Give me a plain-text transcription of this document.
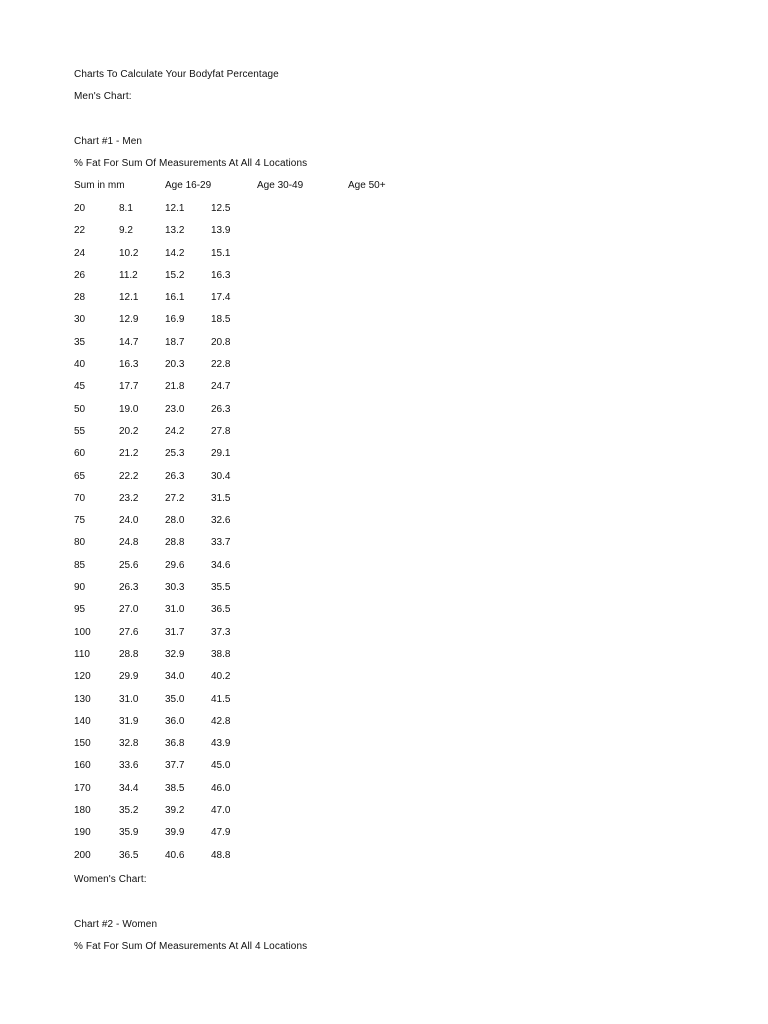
Charts To Calculate Your Bodyfat Percentage
Men's Chart:
Chart #1 - Men
% Fat For Sum Of Measurements At All 4 Locations
Sum in mm	Age 16-29	Age 30-49	Age 50+
20	8.1	12.1	12.5
22	9.2	13.2	13.9
24	10.2	14.2	15.1
26	11.2	15.2	16.3
28	12.1	16.1	17.4
30	12.9	16.9	18.5
35	14.7	18.7	20.8
40	16.3	20.3	22.8
45	17.7	21.8	24.7
50	19.0	23.0	26.3
55	20.2	24.2	27.8
60	21.2	25.3	29.1
65	22.2	26.3	30.4
70	23.2	27.2	31.5
75	24.0	28.0	32.6
80	24.8	28.8	33.7
85	25.6	29.6	34.6
90	26.3	30.3	35.5
95	27.0	31.0	36.5
100	27.6	31.7	37.3
110	28.8	32.9	38.8
120	29.9	34.0	40.2
130	31.0	35.0	41.5
140	31.9	36.0	42.8
150	32.8	36.8	43.9
160	33.6	37.7	45.0
170	34.4	38.5	46.0
180	35.2	39.2	47.0
190	35.9	39.9	47.9
200	36.5	40.6	48.8
Women's Chart:
Chart #2 - Women
% Fat For Sum Of Measurements At All 4 Locations
